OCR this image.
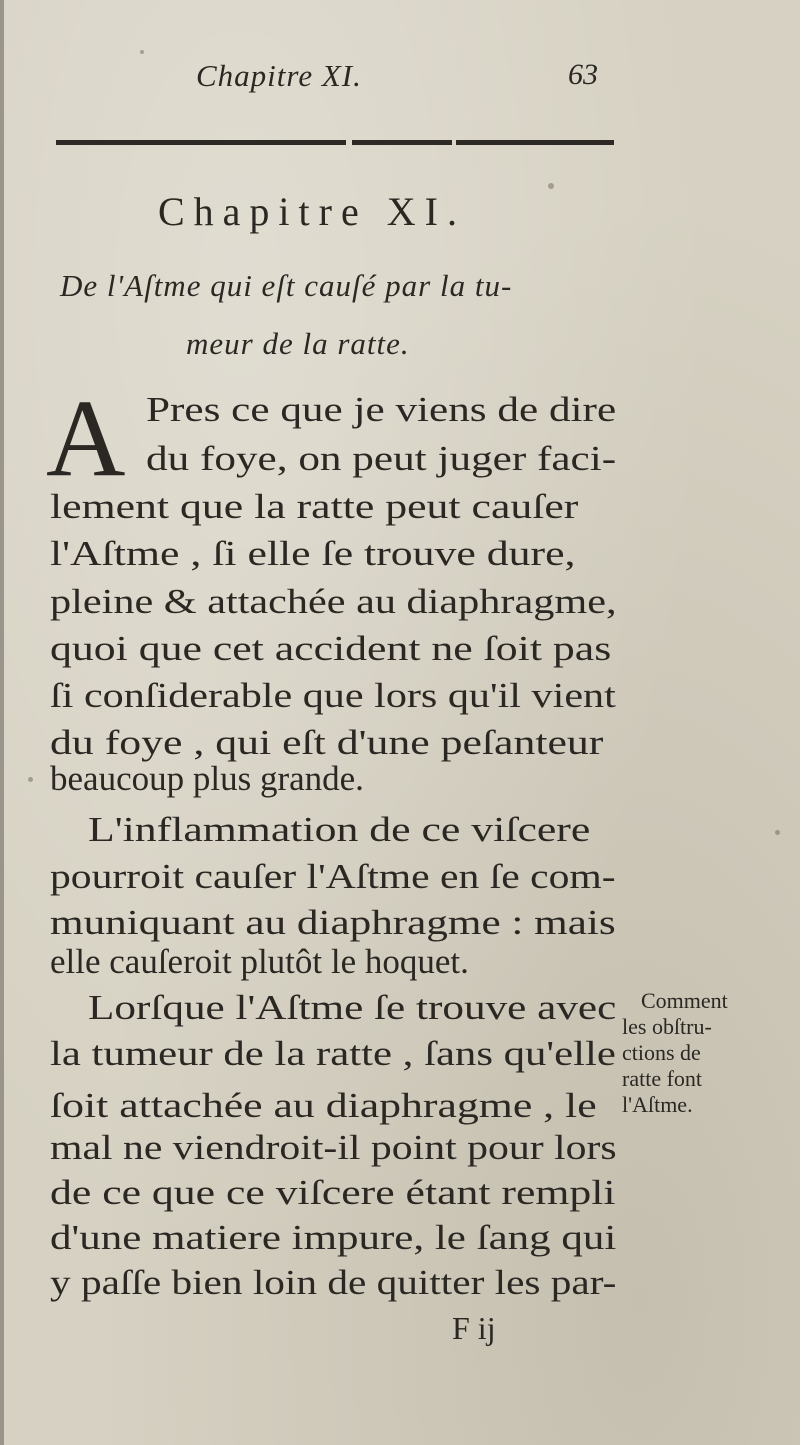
Chapitre XI.	63
Chapitre XI.
De l'Aſtme qui eſt cauſé par la tu-
meur de la ratte.
A Pres ce que je viens de dire
du foye, on peut juger faci-
lement que la ratte peut cauſer
l'Aſtme , ſi elle ſe trouve dure,
pleine & attachée au diaphragme,
quoi que cet accident ne ſoit pas
ſi conſiderable que lors qu'il vient
du foye , qui eſt d'une peſanteur
beaucoup plus grande.
L'inflammation de ce viſcere
pourroit cauſer l'Aſtme en ſe com-
muniquant au diaphragme : mais
elle cauſeroit plutôt le hoquet.
Lorſque l'Aſtme ſe trouve avec
la tumeur de la ratte , ſans qu'elle
ſoit attachée au diaphragme , le
mal ne viendroit-il point pour lors
de ce que ce viſcere étant rempli
d'une matiere impure, le ſang qui
y paſſe bien loin de quitter les par-
Comment
les obſtru-
ctions de
ratte font
l'Aſtme.
F ij
